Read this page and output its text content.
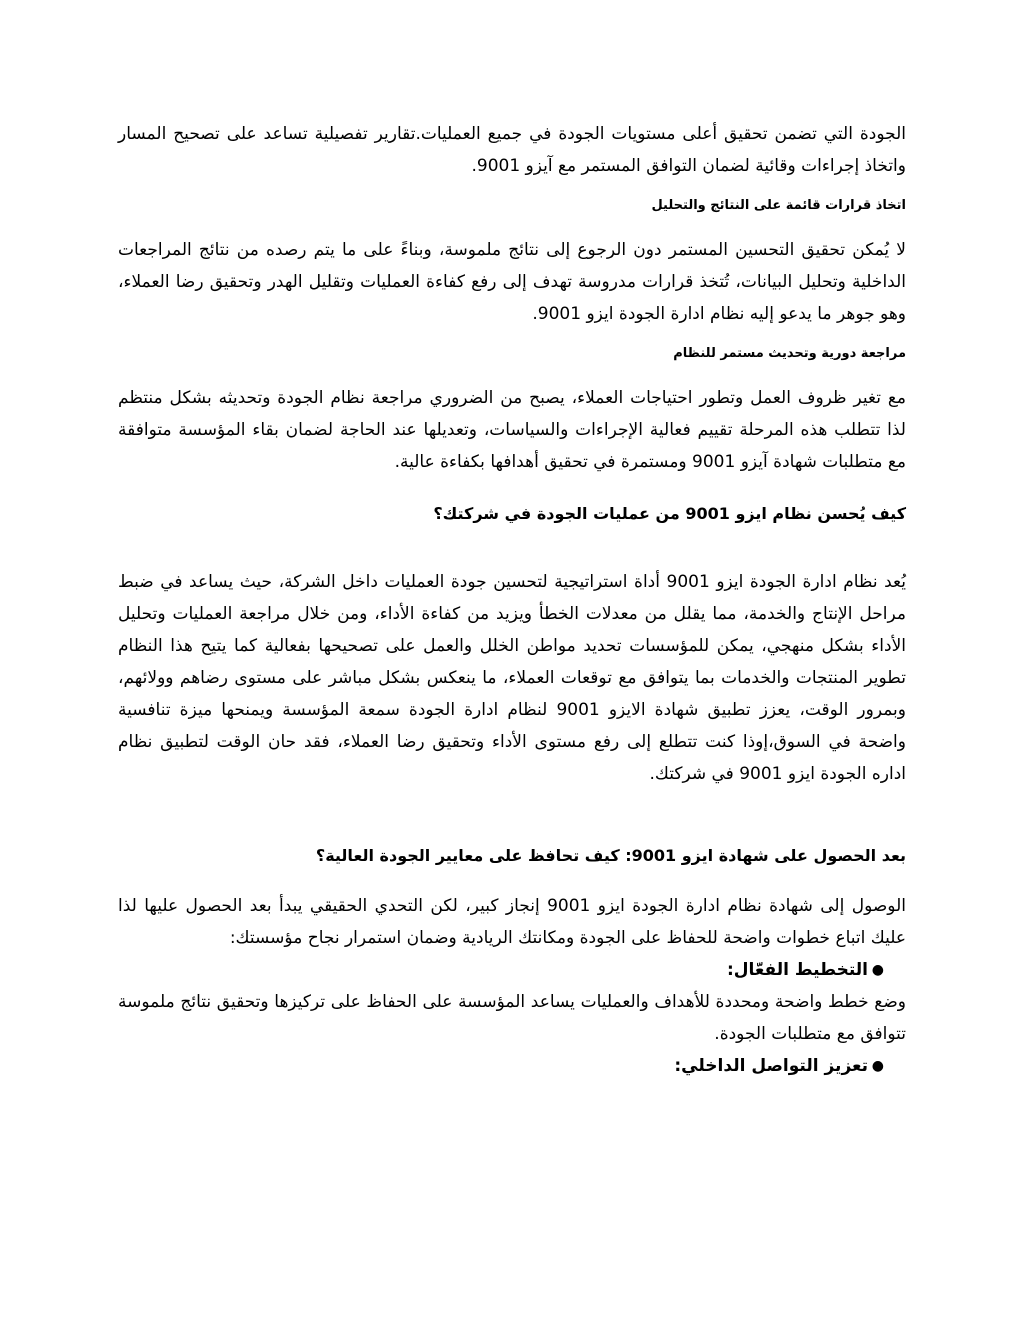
الجودة التي تضمن تحقيق أعلى مستويات الجودة في جميع العمليات.تقارير تفصيلية تساعد على تصحيح المسار واتخاذ إجراءات وقائية لضمان التوافق المستمر مع آيزو 9001.

اتخاذ قرارات قائمة على النتائج والتحليل

لا يُمكن تحقيق التحسين المستمر دون الرجوع إلى نتائج ملموسة، وبناءً على ما يتم رصده من نتائج المراجعات الداخلية وتحليل البيانات، تُتخذ قرارات مدروسة تهدف إلى رفع كفاءة العمليات وتقليل الهدر وتحقيق رضا العملاء، وهو جوهر ما يدعو إليه نظام ادارة الجودة ايزو 9001.

مراجعة دورية وتحديث مستمر للنظام

مع تغير ظروف العمل وتطور احتياجات العملاء، يصبح من الضروري مراجعة نظام الجودة وتحديثه بشكل منتظم لذا تتطلب هذه المرحلة تقييم فعالية الإجراءات والسياسات، وتعديلها عند الحاجة لضمان بقاء المؤسسة متوافقة مع متطلبات شهادة آيزو 9001 ومستمرة في تحقيق أهدافها بكفاءة عالية.

كيف يُحسن نظام ايزو 9001 من عمليات الجودة في شركتك؟

يُعد نظام ادارة الجودة ايزو 9001 أداة استراتيجية لتحسين جودة العمليات داخل الشركة، حيث يساعد في ضبط مراحل الإنتاج والخدمة، مما يقلل من معدلات الخطأ ويزيد من كفاءة الأداء، ومن خلال مراجعة العمليات وتحليل الأداء بشكل منهجي، يمكن للمؤسسات تحديد مواطن الخلل والعمل على تصحيحها بفعالية كما يتيح هذا النظام تطوير المنتجات والخدمات بما يتوافق مع توقعات العملاء، ما ينعكس بشكل مباشر على مستوى رضاهم وولائهم، وبمرور الوقت، يعزز تطبيق شهادة الايزو 9001 لنظام ادارة الجودة سمعة المؤسسة ويمنحها ميزة تنافسية واضحة في السوق،إوذا كنت تتطلع إلى رفع مستوى الأداء وتحقيق رضا العملاء، فقد حان الوقت لتطبيق نظام اداره الجودة ايزو 9001 في شركتك.

بعد الحصول على شهادة ايزو 9001: كيف تحافظ على معايير الجودة العالية؟

الوصول إلى شهادة نظام ادارة الجودة ايزو 9001 إنجاز كبير، لكن التحدي الحقيقي يبدأ بعد الحصول عليها لذا عليك اتباع خطوات واضحة للحفاظ على الجودة ومكانتك الريادية وضمان استمرار نجاح مؤسستك:

●
التخطيط الفعّال:

وضع خطط واضحة ومحددة للأهداف والعمليات يساعد المؤسسة على الحفاظ على تركيزها وتحقيق نتائج ملموسة تتوافق مع متطلبات الجودة.

●
تعزيز التواصل الداخلي:
